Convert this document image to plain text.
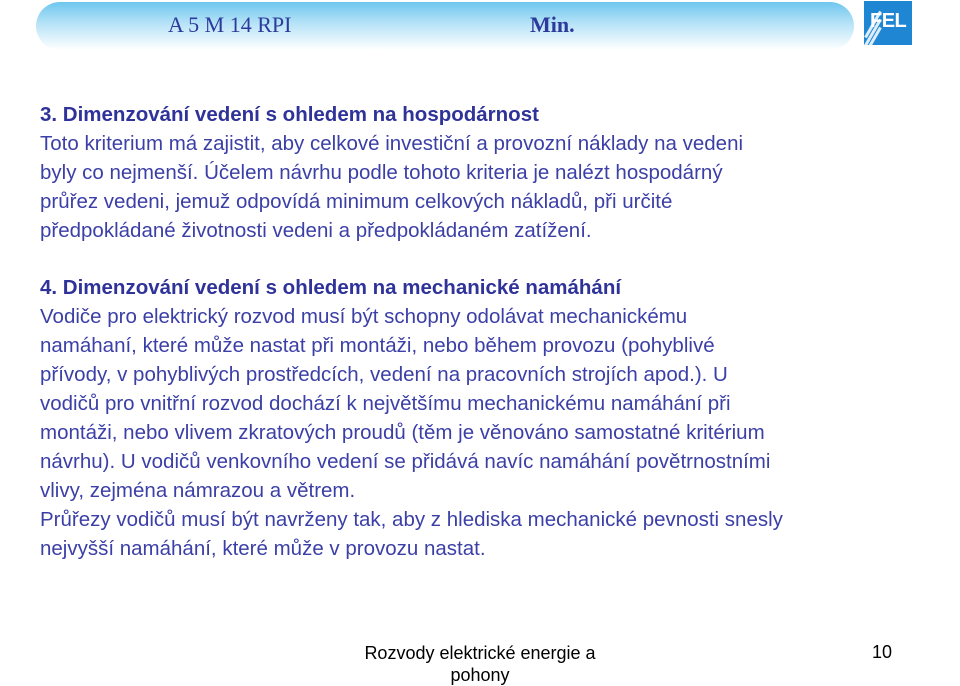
A 5 M 14 RPI	Min.	FEL

3. Dimenzování vedení s ohledem na hospodárnost

Toto kriterium má zajistit, aby celkové investiční a provozní náklady na vedeni

byly co nejmenší. Účelem návrhu podle tohoto kriteria je nalézt hospodárný

průřez vedeni, jemuž odpovídá minimum celkových nákladů, při určité

předpokládané životnosti vedeni a předpokládaném zatížení.

4. Dimenzování vedení s ohledem na mechanické namáhání

Vodiče pro elektrický rozvod musí být schopny odolávat mechanickému

namáhaní, které může nastat při montáži, nebo během provozu (pohyblivé

přívody, v pohyblivých prostředcích, vedení na pracovních strojích apod.). U

vodičů pro vnitřní rozvod dochází k největšímu mechanickému namáhání při

montáži, nebo vlivem zkratových proudů (těm je věnováno samostatné kritérium

návrhu). U vodičů venkovního vedení se přidává navíc namáhání povětrnostními

vlivy, zejména námrazou a větrem.

Průřezy vodičů musí být navrženy tak, aby z hlediska mechanické pevnosti snesly

nejvyšší namáhání, které může v provozu nastat.

Rozvody elektrické energie a
pohony
10
